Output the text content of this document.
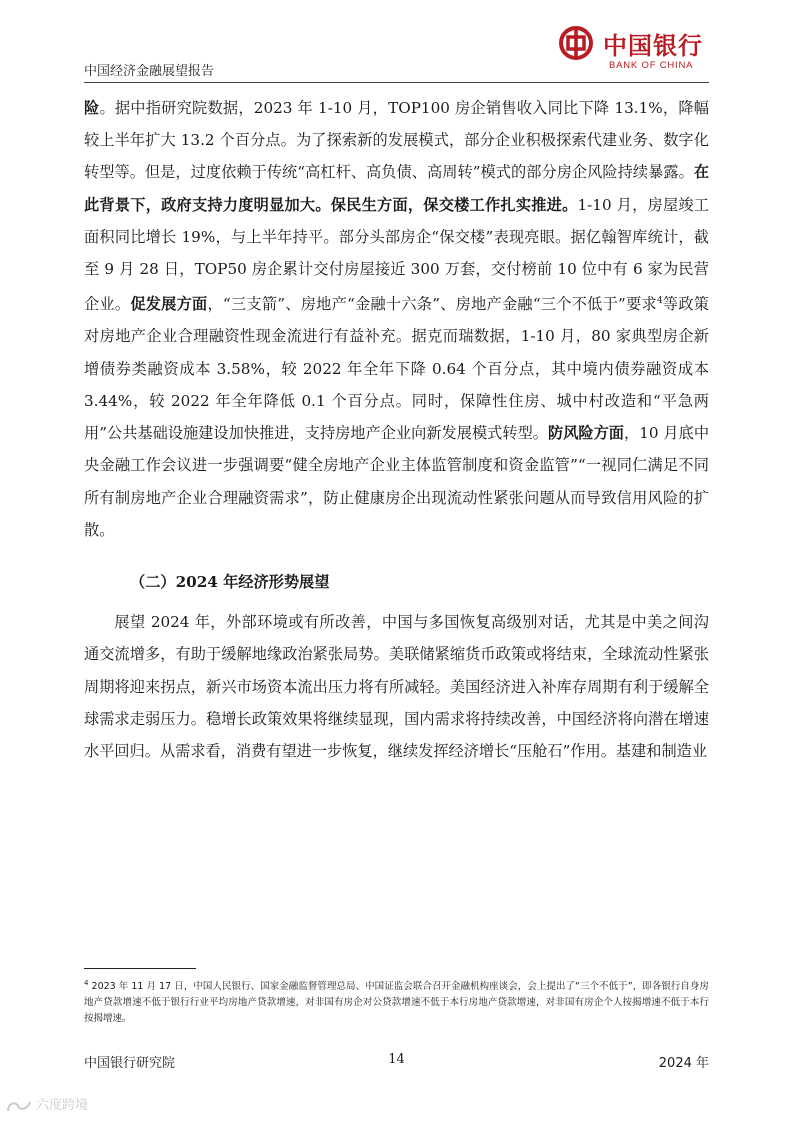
中国经济金融展望报告
中国银行
BANK OF CHINA

险。据中指研究院数据，2023 年 1-10 月，TOP100 房企销售收入同比下降 13.1%，降幅较上半年扩大 13.2 个百分点。为了探索新的发展模式，部分企业积极探索代建业务、数字化转型等。但是，过度依赖于传统“高杠杆、高负债、高周转”模式的部分房企风险持续暴露。在此背景下，政府支持力度明显加大。保民生方面，保交楼工作扎实推进。1-10 月，房屋竣工面积同比增长 19%，与上半年持平。部分头部房企“保交楼”表现亮眼。据亿翰智库统计，截至 9 月 28 日，TOP50 房企累计交付房屋接近 300 万套，交付榜前 10 位中有 6 家为民营企业。促发展方面，“三支箭”、房地产“金融十六条”、房地产金融“三个不低于”要求$^4$等政策对房地产企业合理融资性现金流进行有益补充。据克而瑞数据，1-10 月，80 家典型房企新增债券类融资成本 3.58%，较 2022 年全年下降 0.64 个百分点，其中境内债券融资成本 3.44%，较 2022 年全年降低 0.1 个百分点。同时，保障性住房、城中村改造和“平急两用”公共基础设施建设加快推进，支持房地产企业向新发展模式转型。防风险方面，10 月底中央金融工作会议进一步强调要“健全房地产企业主体监管制度和资金监管”“一视同仁满足不同所有制房地产企业合理融资需求”，防止健康房企出现流动性紧张问题从而导致信用风险的扩散。

（二）2024 年经济形势展望

展望 2024 年，外部环境或有所改善，中国与多国恢复高级别对话，尤其是中美之间沟通交流增多，有助于缓解地缘政治紧张局势。美联储紧缩货币政策或将结束，全球流动性紧张周期将迎来拐点，新兴市场资本流出压力将有所减轻。美国经济进入补库存周期有利于缓解全球需求走弱压力。稳增长政策效果将继续显现，国内需求将持续改善，中国经济将向潜在增速水平回归。从需求看，消费有望进一步恢复，继续发挥经济增长“压舱石”作用。基建和制造业

$^4$ 2023 年 11 月 17 日，中国人民银行、国家金融监督管理总局、中国证监会联合召开金融机构座谈会，会上提出了“三个不低于”，即各银行自身房地产贷款增速不低于银行行业平均房地产贷款增速，对非国有房企对公贷款增速不低于本行房地产贷款增速，对非国有房企个人按揭增速不低于本行按揭增速。
中国银行研究院	14	2024 年
六度跨境
